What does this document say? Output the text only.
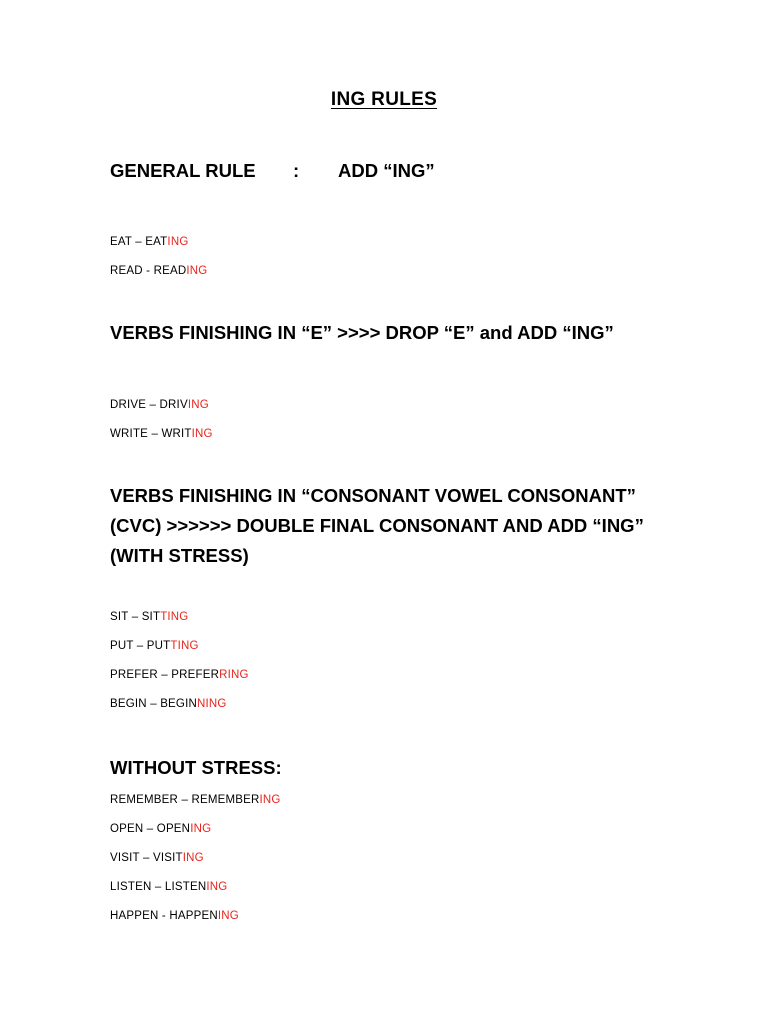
ING RULES
GENERAL RULE : ADD “ING”
EAT – EATING
READ - READING
VERBS FINISHING IN “E” >>>> DROP “E” and ADD “ING”
DRIVE – DRIVING
WRITE – WRITING
VERBS FINISHING IN “CONSONANT VOWEL CONSONANT” (CVC) >>>>>> DOUBLE FINAL CONSONANT AND ADD “ING” (WITH STRESS)
SIT – SITTING
PUT – PUTTING
PREFER – PREFERRING
BEGIN – BEGINNING
WITHOUT STRESS:
REMEMBER – REMEMBERING
OPEN – OPENING
VISIT – VISITING
LISTEN – LISTENING
HAPPEN - HAPPENING
